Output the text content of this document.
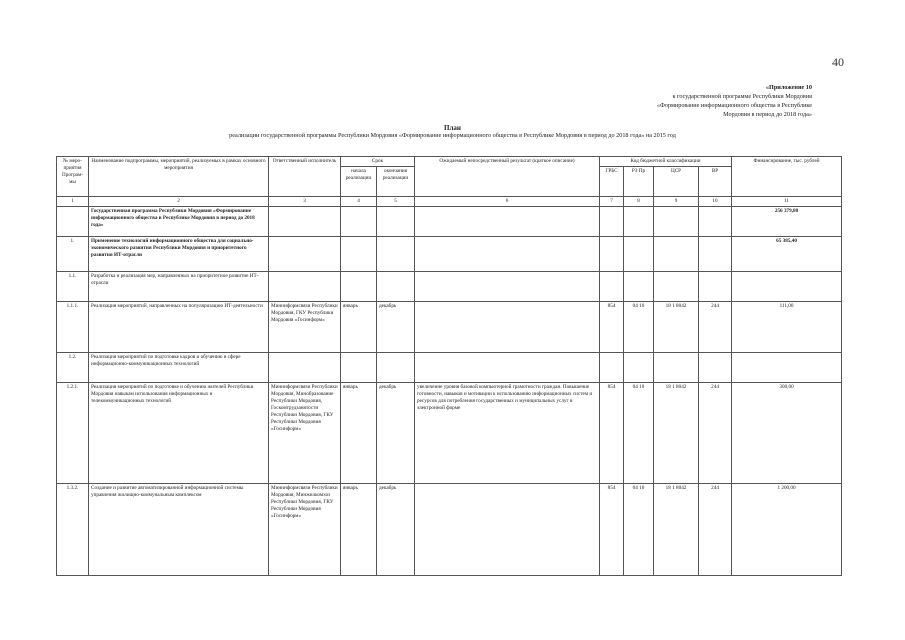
40
«Приложение 10
к государственной программе Республики Мордовия
«Формирование информационного общества в Республике
Мордовия в период до 2018 года»
План
реализации государственной программы Республики Мордовия «Формирование информационного общества в Республике Мордовия в период до 2018 года» на 2015 год
№ меро-приятия Програм-мы	Наименование подпрограммы, мероприятий, реализуемых в рамках основного мероприятия	Ответственный исполнитель	Срок		Ожидаемый непосредственный результат (краткое описание)	Код бюджетной классификации				Финансирование, тыс. рублей
			начала реализации	окончания реализации		ГРБС	РЗ Пр	ЦСР	ВР	
1	2	3	4	5	6	7	8	9	10	11
	Государственная программа Республики Мордовия «Формирование информационного общества в Республике Мордовия в период до 2018 года»									256 379,80
1.	Применение технологий информационного общества для социально-экономического развития Республики Мордовия и приоритетного развития ИТ-отрасли									65 385,40
1.1.	Разработка и реализация мер, направленных на приоритетное развитие ИТ-отрасли									
1.1.1.	Реализация мероприятий, направленных на популяризацию ИТ-деятельности	Мининформсвязи Республики Мордовия, ГКУ Республики Мордовия «Госинформ»	январь	декабрь		854	04 10	18 1 8042	244	111,00
1.2.	Реализация мероприятий по подготовке кадров и обучению в сфере информационно-коммуникационных технологий									
1.2.1.	Реализация мероприятий по подготовке и обучению жителей Республики Мордовия навыкам использования информационных и телекоммуникационных технологий	Мининформсвязи Республики Мордовия, Минобразование Республики Мордовия, Госкомтрудзанятости Республики Мордовия, ГКУ Республики Мордовия «Госинформ»	январь	декабрь	увеличение уровня базовой компьютерной грамотности граждан. Повышение готовности, навыков и мотивации к использованию информационных систем и ресурсов для потребления государственных и муниципальных услуг в электронной форме	854	04 10	18 1 8042	244	300,00
1.3.2.	Создание и развитие автоматизированной информационной системы управления жилищно-коммунальным комплексом	Мининформсвязи Республики Мордовия, Минжилкомхоз Республики Мордовия, ГКУ Республики Мордовия «Госинформ»	январь	декабрь		854	04 10	18 1 8042	244	1 200,00
